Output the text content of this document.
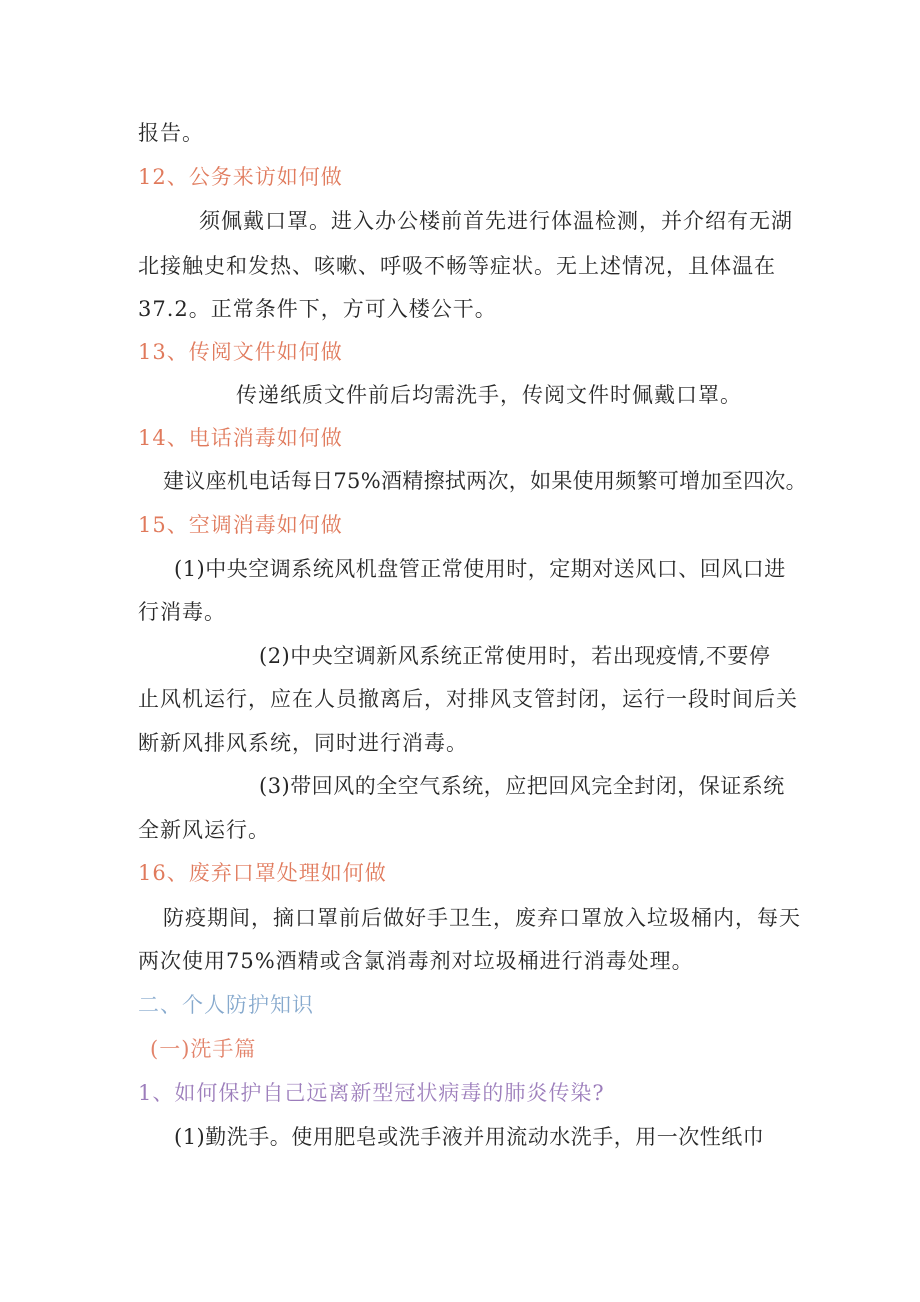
报告。
12、公务来访如何做
须佩戴口罩。进入办公楼前首先进行体温检测，并介绍有无湖
北接触史和发热、咳嗽、呼吸不畅等症状。无上述情况，且体温在
37.2。正常条件下，方可入楼公干。
13、传阅文件如何做
传递纸质文件前后均需洗手，传阅文件时佩戴口罩。
14、电话消毒如何做
建议座机电话每日75%酒精擦拭两次，如果使用频繁可增加至四次。
15、空调消毒如何做
(1)中央空调系统风机盘管正常使用时，定期对送风口、回风口进
行消毒。
(2)中央空调新风系统正常使用时，若出现疫情,不要停
止风机运行，应在人员撤离后，对排风支管封闭，运行一段时间后关
断新风排风系统，同时进行消毒。
(3)带回风的全空气系统，应把回风完全封闭，保证系统
全新风运行。
16、废弃口罩处理如何做
防疫期间，摘口罩前后做好手卫生，废弃口罩放入垃圾桶内，每天
两次使用75%酒精或含氯消毒剂对垃圾桶进行消毒处理。
二、个人防护知识
(一)洗手篇
1、如何保护自己远离新型冠状病毒的肺炎传染?
(1)勤洗手。使用肥皂或洗手液并用流动水洗手，用一次性纸巾
